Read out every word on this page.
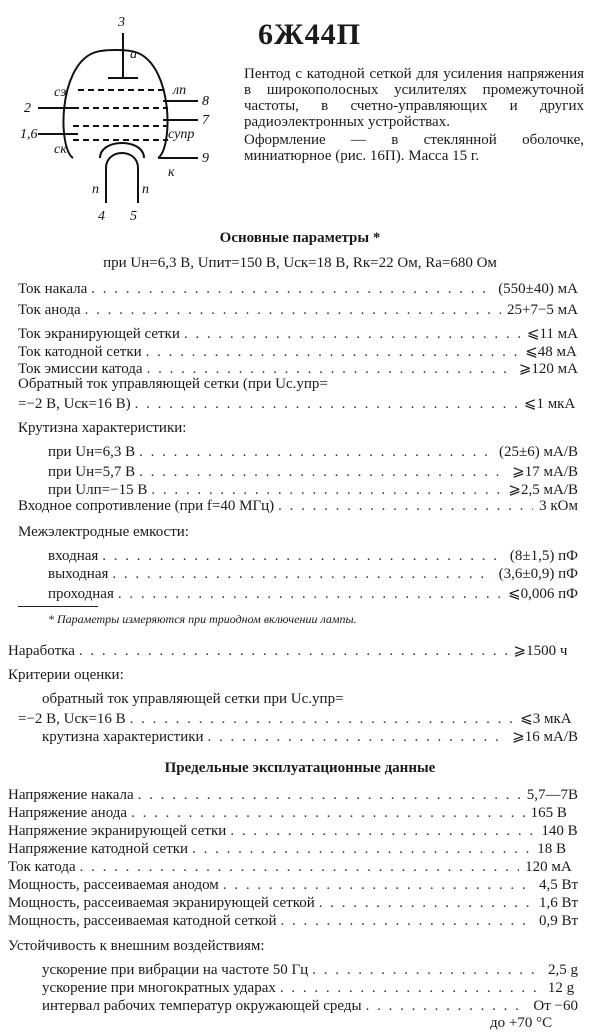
6Ж44П
3
2
1,6
8
7
9
4 5
а
сэ	лп
ск
супр
к
п	п

Пентод с катодной сеткой для усиления напряжения в широкополосных усилителях промежуточной частоты, в счетно-управляющих и других радиоэлектронных устройствах.

Оформление — в стеклянной оболочке, миниатюрное (рис. 16П). Масса 15 г.

Основные параметры *
при Uн=6,3 В, Uпит=150 В, Uск=18 В, Rк=22 Ом, Rа=680 Ом
Ток накала . . .	(550±40) мА
Ток анода . . .	25+7−5 мА
Ток экранирующей сетки . . .	⩽11 мА
Ток катодной сетки . . .	⩽48 мА
Ток эмиссии катода . . .	⩾120 мА
Обратный ток управляющей сетки (при Uс.упр=
=−2 В, Uск=16 В) . . .	⩽1 мкА
Крутизна характеристики:
при Uн=6,3 В . . .	(25±6) мА/В
при Uн=5,7 В . . .	⩾17 мА/В
при Uлп=−15 В . . .	⩾2,5 мА/В
Входное сопротивление (при f=40 МГц) . . .	3 кОм
Межэлектродные емкости:
входная . . .	(8±1,5) пФ
выходная . . .	(3,6±0,9) пФ
проходная . . .	⩽0,006 пФ
* Параметры измеряются при триодном включении лампы.
Наработка . . .	⩾1500 ч
Критерии оценки:
обратный ток управляющей сетки при Uс.упр=
=−2 В, Uск=16 В . . .	⩽3 мкА
крутизна характеристики . . .	⩾16 мА/В
Предельные эксплуатационные данные
Напряжение накала . . .	5,7—7В
Напряжение анода . . .	165 В
Напряжение экранирующей сетки . . .	140 В
Напряжение катодной сетки . . .	18 В
Ток катода . . .	120 мА
Мощность, рассеиваемая анодом . . .	4,5 Вт
Мощность, рассеиваемая экранирующей сеткой . . .	1,6 Вт
Мощность, рассеиваемая катодной сеткой . . .	0,9 Вт
Устойчивость к внешним воздействиям:
ускорение при вибрации на частоте 50 Гц . . .	2,5 g
ускорение при многократных ударах . . .	12 g
интервал рабочих температур окружающей среды . . .	От −60
до +70 °С
